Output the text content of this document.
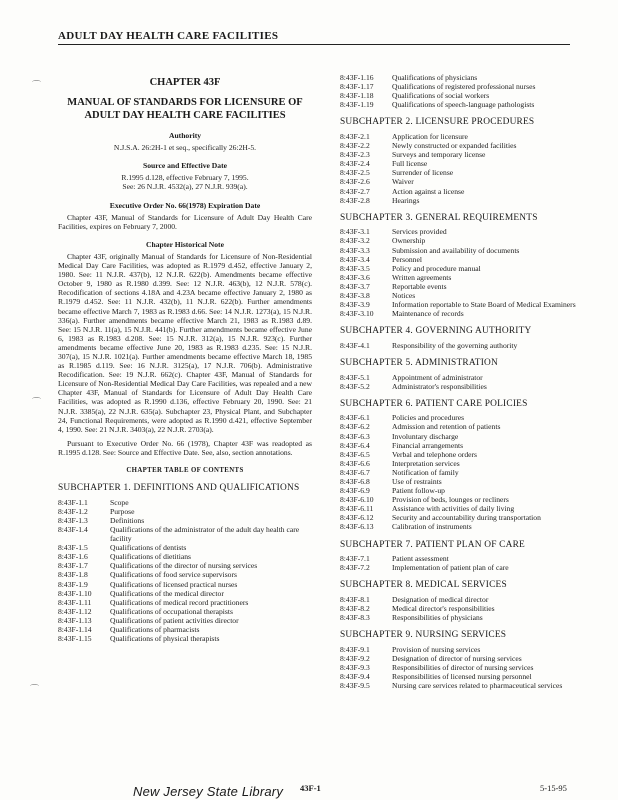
ADULT DAY HEALTH CARE FACILITIES
⌒
⌒
⌒
CHAPTER 43F
MANUAL OF STANDARDS FOR LICENSURE OF ADULT DAY HEALTH CARE FACILITIES
Authority
N.J.S.A. 26:2H-1 et seq., specifically 26:2H-5.
Source and Effective Date
R.1995 d.128, effective February 7, 1995.
See: 26 N.J.R. 4532(a), 27 N.J.R. 939(a).
Executive Order No. 66(1978) Expiration Date

Chapter 43F, Manual of Standards for Licensure of Adult Day Health Care Facilities, expires on February 7, 2000.

Chapter Historical Note

Chapter 43F, originally Manual of Standards for Licensure of Non-Residential Medical Day Care Facilities, was adopted as R.1979 d.452, effective January 2, 1980. See: 11 N.J.R. 437(b), 12 N.J.R. 622(b). Amendments became effective October 9, 1980 as R.1980 d.399. See: 12 N.J.R. 463(b), 12 N.J.R. 578(c). Recodification of sections 4.18A and 4.23A became effective January 2, 1980 as R.1979 d.452. See: 11 N.J.R. 432(b), 11 N.J.R. 622(b). Further amendments became effective March 7, 1983 as R.1983 d.66. See: 14 N.J.R. 1273(a), 15 N.J.R. 336(a). Further amendments became effective March 21, 1983 as R.1983 d.89. See: 15 N.J.R. 11(a), 15 N.J.R. 441(b). Further amendments became effective June 6, 1983 as R.1983 d.208. See: 15 N.J.R. 312(a), 15 N.J.R. 923(c). Further amendments became effective June 20, 1983 as R.1983 d.235. See: 15 N.J.R. 307(a), 15 N.J.R. 1021(a). Further amendments became effective March 18, 1985 as R.1985 d.119. See: 16 N.J.R. 3125(a), 17 N.J.R. 706(b). Administrative Recodification. See: 19 N.J.R. 662(c). Chapter 43F, Manual of Standards for Licensure of Non-Residential Medical Day Care Facilities, was repealed and a new Chapter 43F, Manual of Standards for Licensure of Adult Day Health Care Facilities, was adopted as R.1990 d.136, effective February 20, 1990. See: 21 N.J.R. 3385(a), 22 N.J.R. 635(a). Subchapter 23, Physical Plant, and Subchapter 24, Functional Requirements, were adopted as R.1990 d.421, effective September 4, 1990. See: 21 N.J.R. 3403(a), 22 N.J.R. 2703(a).

Pursuant to Executive Order No. 66 (1978), Chapter 43F was readopted as R.1995 d.128. See: Source and Effective Date. See, also, section annotations.

CHAPTER TABLE OF CONTENTS
SUBCHAPTER 1. DEFINITIONS AND QUALIFICATIONS
8:43F-1.1	Scope
8:43F-1.2	Purpose
8:43F-1.3	Definitions
8:43F-1.4	Qualifications of the administrator of the adult day health care facility
8:43F-1.5	Qualifications of dentists
8:43F-1.6	Qualifications of dietitians
8:43F-1.7	Qualifications of the director of nursing services
8:43F-1.8	Qualifications of food service supervisors
8:43F-1.9	Qualifications of licensed practical nurses
8:43F-1.10	Qualifications of the medical director
8:43F-1.11	Qualifications of medical record practitioners
8:43F-1.12	Qualifications of occupational therapists
8:43F-1.13	Qualifications of patient activities director
8:43F-1.14	Qualifications of pharmacists
8:43F-1.15	Qualifications of physical therapists
8:43F-1.16	Qualifications of physicians
8:43F-1.17	Qualifications of registered professional nurses
8:43F-1.18	Qualifications of social workers
8:43F-1.19	Qualifications of speech-language pathologists
SUBCHAPTER 2. LICENSURE PROCEDURES
8:43F-2.1	Application for licensure
8:43F-2.2	Newly constructed or expanded facilities
8:43F-2.3	Surveys and temporary license
8:43F-2.4	Full license
8:43F-2.5	Surrender of license
8:43F-2.6	Waiver
8:43F-2.7	Action against a license
8:43F-2.8	Hearings
SUBCHAPTER 3. GENERAL REQUIREMENTS
8:43F-3.1	Services provided
8:43F-3.2	Ownership
8:43F-3.3	Submission and availability of documents
8:43F-3.4	Personnel
8:43F-3.5	Policy and procedure manual
8:43F-3.6	Written agreements
8:43F-3.7	Reportable events
8:43F-3.8	Notices
8:43F-3.9	Information reportable to State Board of Medical Examiners
8:43F-3.10	Maintenance of records
SUBCHAPTER 4. GOVERNING AUTHORITY
8:43F-4.1	Responsibility of the governing authority
SUBCHAPTER 5. ADMINISTRATION
8:43F-5.1	Appointment of administrator
8:43F-5.2	Administrator's responsibilities
SUBCHAPTER 6. PATIENT CARE POLICIES
8:43F-6.1	Policies and procedures
8:43F-6.2	Admission and retention of patients
8:43F-6.3	Involuntary discharge
8:43F-6.4	Financial arrangements
8:43F-6.5	Verbal and telephone orders
8:43F-6.6	Interpretation services
8:43F-6.7	Notification of family
8:43F-6.8	Use of restraints
8:43F-6.9	Patient follow-up
8:43F-6.10	Provision of beds, lounges or recliners
8:43F-6.11	Assistance with activities of daily living
8:43F-6.12	Security and accountability during transportation
8:43F-6.13	Calibration of instruments
SUBCHAPTER 7. PATIENT PLAN OF CARE
8:43F-7.1	Patient assessment
8:43F-7.2	Implementation of patient plan of care
SUBCHAPTER 8. MEDICAL SERVICES
8:43F-8.1	Designation of medical director
8:43F-8.2	Medical director's responsibilities
8:43F-8.3	Responsibilities of physicians
SUBCHAPTER 9. NURSING SERVICES
8:43F-9.1	Provision of nursing services
8:43F-9.2	Designation of director of nursing services
8:43F-9.3	Responsibilities of director of nursing services
8:43F-9.4	Responsibilities of licensed nursing personnel
8:43F-9.5	Nursing care services related to pharmaceutical services
New Jersey State Library 43F-1	5-15-95
